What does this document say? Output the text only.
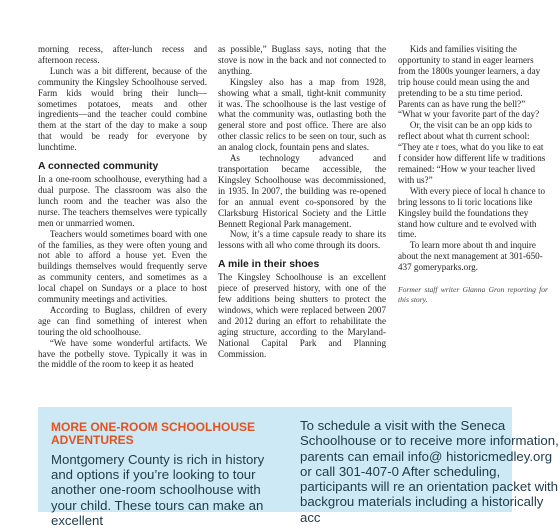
morning recess, after-lunch recess and afternoon recess.

Lunch was a bit different, because of the community the Kingsley Schoolhouse served. Farm kids would bring their lunch—sometimes potatoes, meats and other ingredients—and the teacher could combine them at the start of the day to make a soup that would be ready for everyone by lunchtime.

A connected community

In a one-room schoolhouse, everything had a dual purpose. The classroom was also the lunch room and the teacher was also the nurse. The teachers themselves were typically men or unmarried women.

Teachers would sometimes board with one of the families, as they were often young and not able to afford a house yet. Even the buildings themselves would frequently serve as community centers, and sometimes as a local chapel on Sundays or a place to host community meetings and activities.

According to Buglass, children of every age can find something of interest when touring the old schoolhouse.

“We have some wonderful artifacts. We have the potbelly stove. Typically it was in the middle of the room to keep it as heated

as possible,” Buglass says, noting that the stove is now in the back and not connected to anything.

Kingsley also has a map from 1928, showing what a small, tight-knit community it was. The schoolhouse is the last vestige of what the community was, outlasting both the general store and post office. There are also other classic relics to be seen on tour, such as an analog clock, fountain pens and slates.

As technology advanced and transportation became accessible, the Kingsley Schoolhouse was decommissioned, in 1935. In 2007, the building was re-opened for an annual event co-sponsored by the Clarksburg Historical Society and the Little Bennett Regional Park management.

Now, it’s a time capsule ready to share its lessons with all who come through its doors.

A mile in their shoes

The Kingsley Schoolhouse is an excellent piece of preserved history, with one of the few additions being shutters to protect the windows, which were replaced between 2007 and 2012 during an effort to rehabilitate the aging structure, according to the Maryland-National Capital Park and Planning Commission.

Kids and families visiting the opportunity to stand in eager learners from the 1800s younger learners, a day trip house could mean using the and pretending to be a stu time period. Parents can as have rung the bell?” “What w your favorite part of the day?

Or, the visit can be an opp kids to reflect about what th current school: “They ate r toes, what do you like to eat f consider how different life w traditions remained: “How w your teacher lived with us?”

With every piece of local h chance to bring lessons to li toric locations like Kingsley build the foundations they stand how culture and te evolved with time.

To learn more about th and inquire about the next management at 301-650-437 gomeryparks.org.

Former staff writer Glanna Gron reporting for this story.

MORE ONE-ROOM SCHOOLHOUSE ADVENTURES

Montgomery County is rich in history and options if you’re looking to tour another one-room schoolhouse with your child. These tours can make an excellent

To schedule a visit with the Seneca Schoolhouse or to receive more information, parents can email info@ historicmedley.org or call 301-407-0 After scheduling, participants will re an orientation packet with backgrou materials including a historically acc
